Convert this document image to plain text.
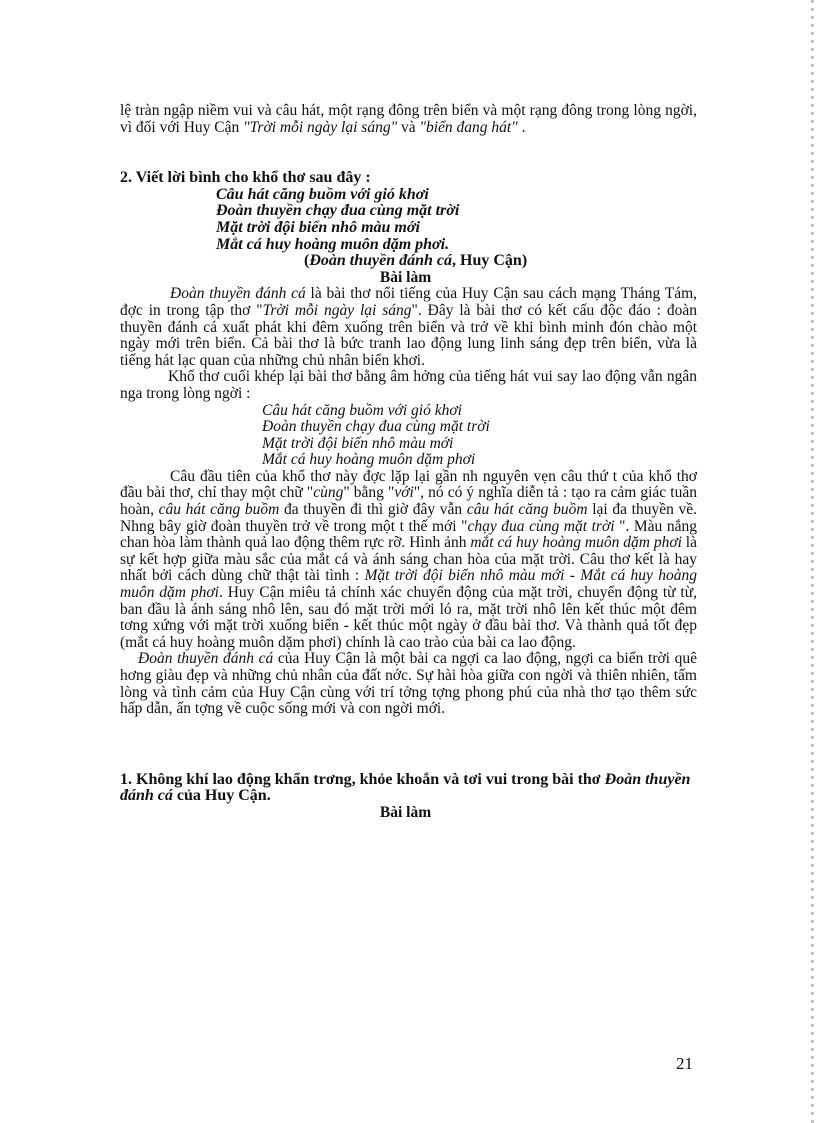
lệ tràn ngập niềm vui và câu hát, một rạng đông trên biển và một rạng đông trong lòng ngời, vì đối với Huy Cận "Trời mỗi ngày lại sáng" và "biển đang hát" .

2. Viết lời bình cho khổ thơ sau đây :

Câu hát căng buồm với gió khơi

Đoàn thuyền chạy đua cùng mặt trời

Mặt trời đội biển nhô màu mới

Mắt cá huy hoàng muôn dặm phơi.

(Đoàn thuyền đánh cá, Huy Cận)

Bài làm

Đoàn thuyền đánh cá là bài thơ nổi tiếng của Huy Cận sau cách mạng Tháng Tám, đợc in trong tập thơ "Trời mỗi ngày lại sáng". Đây là bài thơ có kết cấu độc đáo : đoàn thuyền đánh cá xuất phát khi đêm xuống trên biển và trở về khi bình minh đón chào một ngày mới trên biển. Cả bài thơ là bức tranh lao động lung linh sáng đẹp trên biển, vừa là tiếng hát lạc quan của những chủ nhân biển khơi.

Khổ thơ cuối khép lại bài thơ bằng âm hởng của tiếng hát vui say lao động vẫn ngân nga trong lòng ngời :

Câu hát căng buồm với gió khơi

Đoàn thuyền chạy đua cùng mặt trời

Mặt trời đội biển nhô màu mới

Mắt cá huy hoàng muôn dặm phơi

Câu đầu tiên của khổ thơ này đợc lặp lại gần nh nguyên vẹn câu thứ t của khổ thơ đầu bài thơ, chỉ thay một chữ "cùng" bằng "với", nó có ý nghĩa diễn tả : tạo ra cảm giác tuần hoàn, câu hát căng buồm đa thuyền đi thì giờ đây vẫn câu hát căng buồm lại đa thuyền về. Nhng bây giờ đoàn thuyền trở về trong một t thế mới "chạy đua cùng mặt trời ". Màu nắng chan hòa làm thành quả lao động thêm rực rỡ. Hình ảnh mắt cá huy hoàng muôn dặm phơi là sự kết hợp giữa màu sắc của mắt cá và ánh sáng chan hòa của mặt trời. Câu thơ kết là hay nhất bởi cách dùng chữ thật tài tình : Mặt trời đội biển nhô màu mới - Mắt cá huy hoàng muôn dặm phơi. Huy Cận miêu tả chính xác chuyển động của mặt trời, chuyển động từ từ, ban đầu là ánh sáng nhô lên, sau đó mặt trời mới ló ra, mặt trời nhô lên kết thúc một đêm tơng xứng với mặt trời xuống biển - kết thúc một ngày ở đầu bài thơ. Và thành quả tốt đẹp (mắt cá huy hoàng muôn dặm phơi) chính là cao trào của bài ca lao động.

Đoàn thuyền đánh cá của Huy Cận là một bài ca ngợi ca lao động, ngợi ca biển trời quê hơng giàu đẹp và những chủ nhân của đất nớc. Sự hài hòa giữa con ngời và thiên nhiên, tấm lòng và tình cảm của Huy Cận cùng với trí tởng tợng phong phú của nhà thơ tạo thêm sức hấp dẫn, ấn tợng về cuộc sống mới và con ngời mới.

1. Không khí lao động khẩn trơng, khỏe khoắn và tơi vui trong bài thơ Đoàn thuyền đánh cá của Huy Cận.

Bài làm

21
